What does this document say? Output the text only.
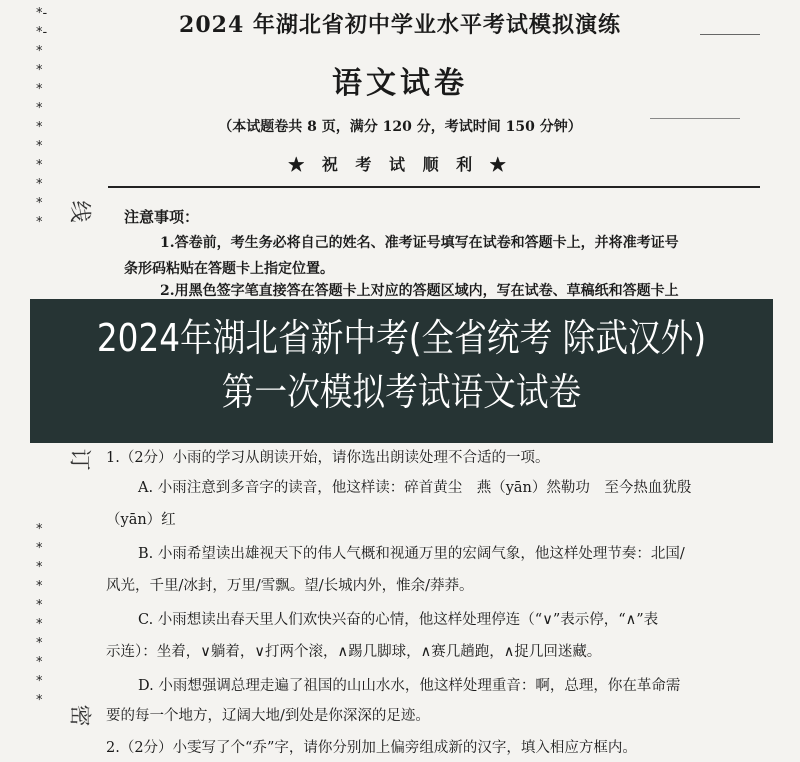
*-*-********** 线
订
**********
密
2024 年湖北省初中学业水平考试模拟演练
语文试卷
（本试题卷共 8 页，满分 120 分，考试时间 150 分钟）
★ 祝 考 试 顺 利 ★
注意事项：
1.答卷前，考生务必将自己的姓名、准考证号填写在试卷和答题卡上，并将准考证号
条形码粘贴在答题卡上指定位置。
2.用黑色签字笔直接答在答题卡上对应的答题区域内，写在试卷、草稿纸和答题卡上
1.（2分）小雨的学习从朗读开始，请你选出朗读处理不合适的一项。
A. 小雨注意到多音字的读音，他这样读：碎首黄尘　燕（yān）然勒功　至今热血犹殷
（yān）红
B. 小雨希望读出雄视天下的伟人气概和视通万里的宏阔气象，他这样处理节奏：北国/
风光，千里/冰封，万里/雪飘。望/长城内外，惟余/莽莽。
C. 小雨想读出春天里人们欢快兴奋的心情，他这样处理停连（“∨”表示停，“∧”表
示连）：坐着，∨躺着，∨打两个滚，∧踢几脚球，∧赛几趟跑，∧捉几回迷藏。
D. 小雨想强调总理走遍了祖国的山山水水，他这样处理重音：啊，总理，你在革命需
要的每一个地方，辽阔大地/到处是你深深的足迹。
2.（2分）小雯写了个“乔”字，请你分别加上偏旁组成新的汉字，填入相应方框内。
2024年湖北省新中考(全省统考 除武汉外)
第一次模拟考试语文试卷
